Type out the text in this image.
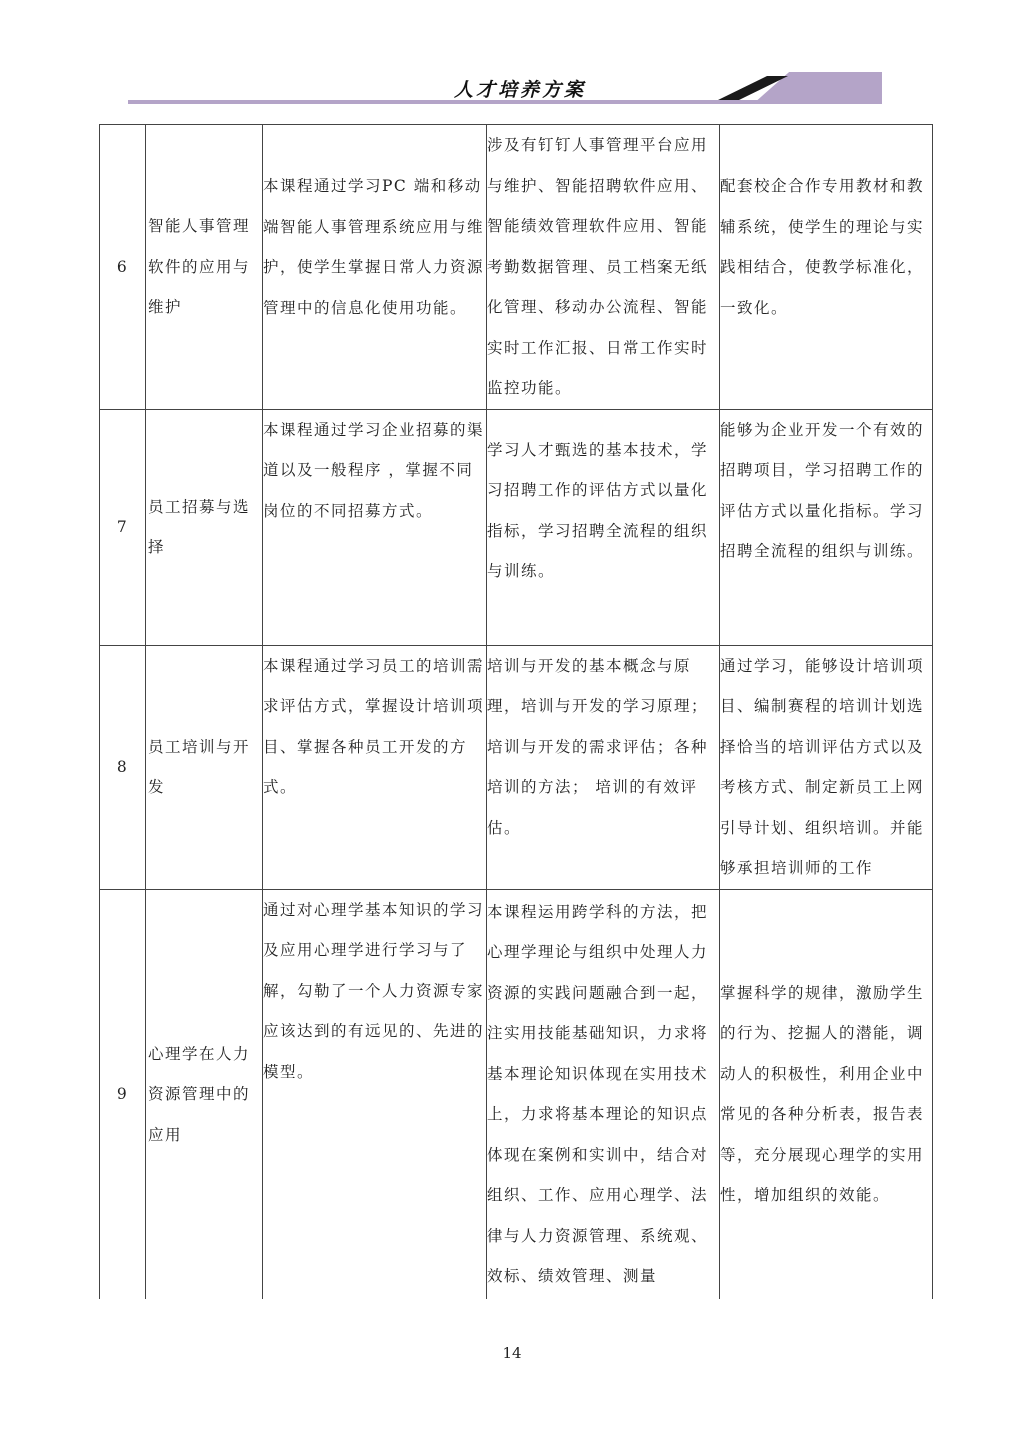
人才培养方案
6	智能人事管理软件的应用与维护	本课程通过学习PC 端和移动端智能人事管理系统应用与维护，使学生掌握日常人力资源管理中的信息化使用功能。	涉及有钉钉人事管理平台应用与维护、智能招聘软件应用、智能绩效管理软件应用、智能考勤数据管理、员工档案无纸化管理、移动办公流程、智能实时工作汇报、日常工作实时监控功能。	配套校企合作专用教材和教辅系统，使学生的理论与实践相结合，使教学标准化，一致化。
7	员工招募与选择	本课程通过学习企业招募的渠道以及一般程序 ，掌握不同岗位的不同招募方式。	学习人才甄选的基本技术，学习招聘工作的评估方式以量化指标，学习招聘全流程的组织与训练。	能够为企业开发一个有效的招聘项目，学习招聘工作的评估方式以量化指标。学习招聘全流程的组织与训练。
8	员工培训与开发	本课程通过学习员工的培训需求评估方式，掌握设计培训项目、掌握各种员工开发的方式。	培训与开发的基本概念与原理，培训与开发的学习原理；培训与开发的需求评估；各种培训的方法； 培训的有效评估。	通过学习，能够设计培训项目、编制赛程的培训计划选择恰当的培训评估方式以及考核方式、制定新员工上网引导计划、组织培训。并能够承担培训师的工作
9	心理学在人力资源管理中的应用	通过对心理学基本知识的学习及应用心理学进行学习与了解，勾勒了一个人力资源专家应该达到的有远见的、先进的模型。	本课程运用跨学科的方法，把心理学理论与组织中处理人力资源的实践问题融合到一起，注实用技能基础知识，力求将基本理论知识体现在实用技术上，力求将基本理论的知识点体现在案例和实训中，结合对组织、工作、应用心理学、法律与人力资源管理、系统观、效标、绩效管理、测量	掌握科学的规律，激励学生的行为、挖掘人的潜能，调动人的积极性，利用企业中常见的各种分析表，报告表等，充分展现心理学的实用性，增加组织的效能。
14
